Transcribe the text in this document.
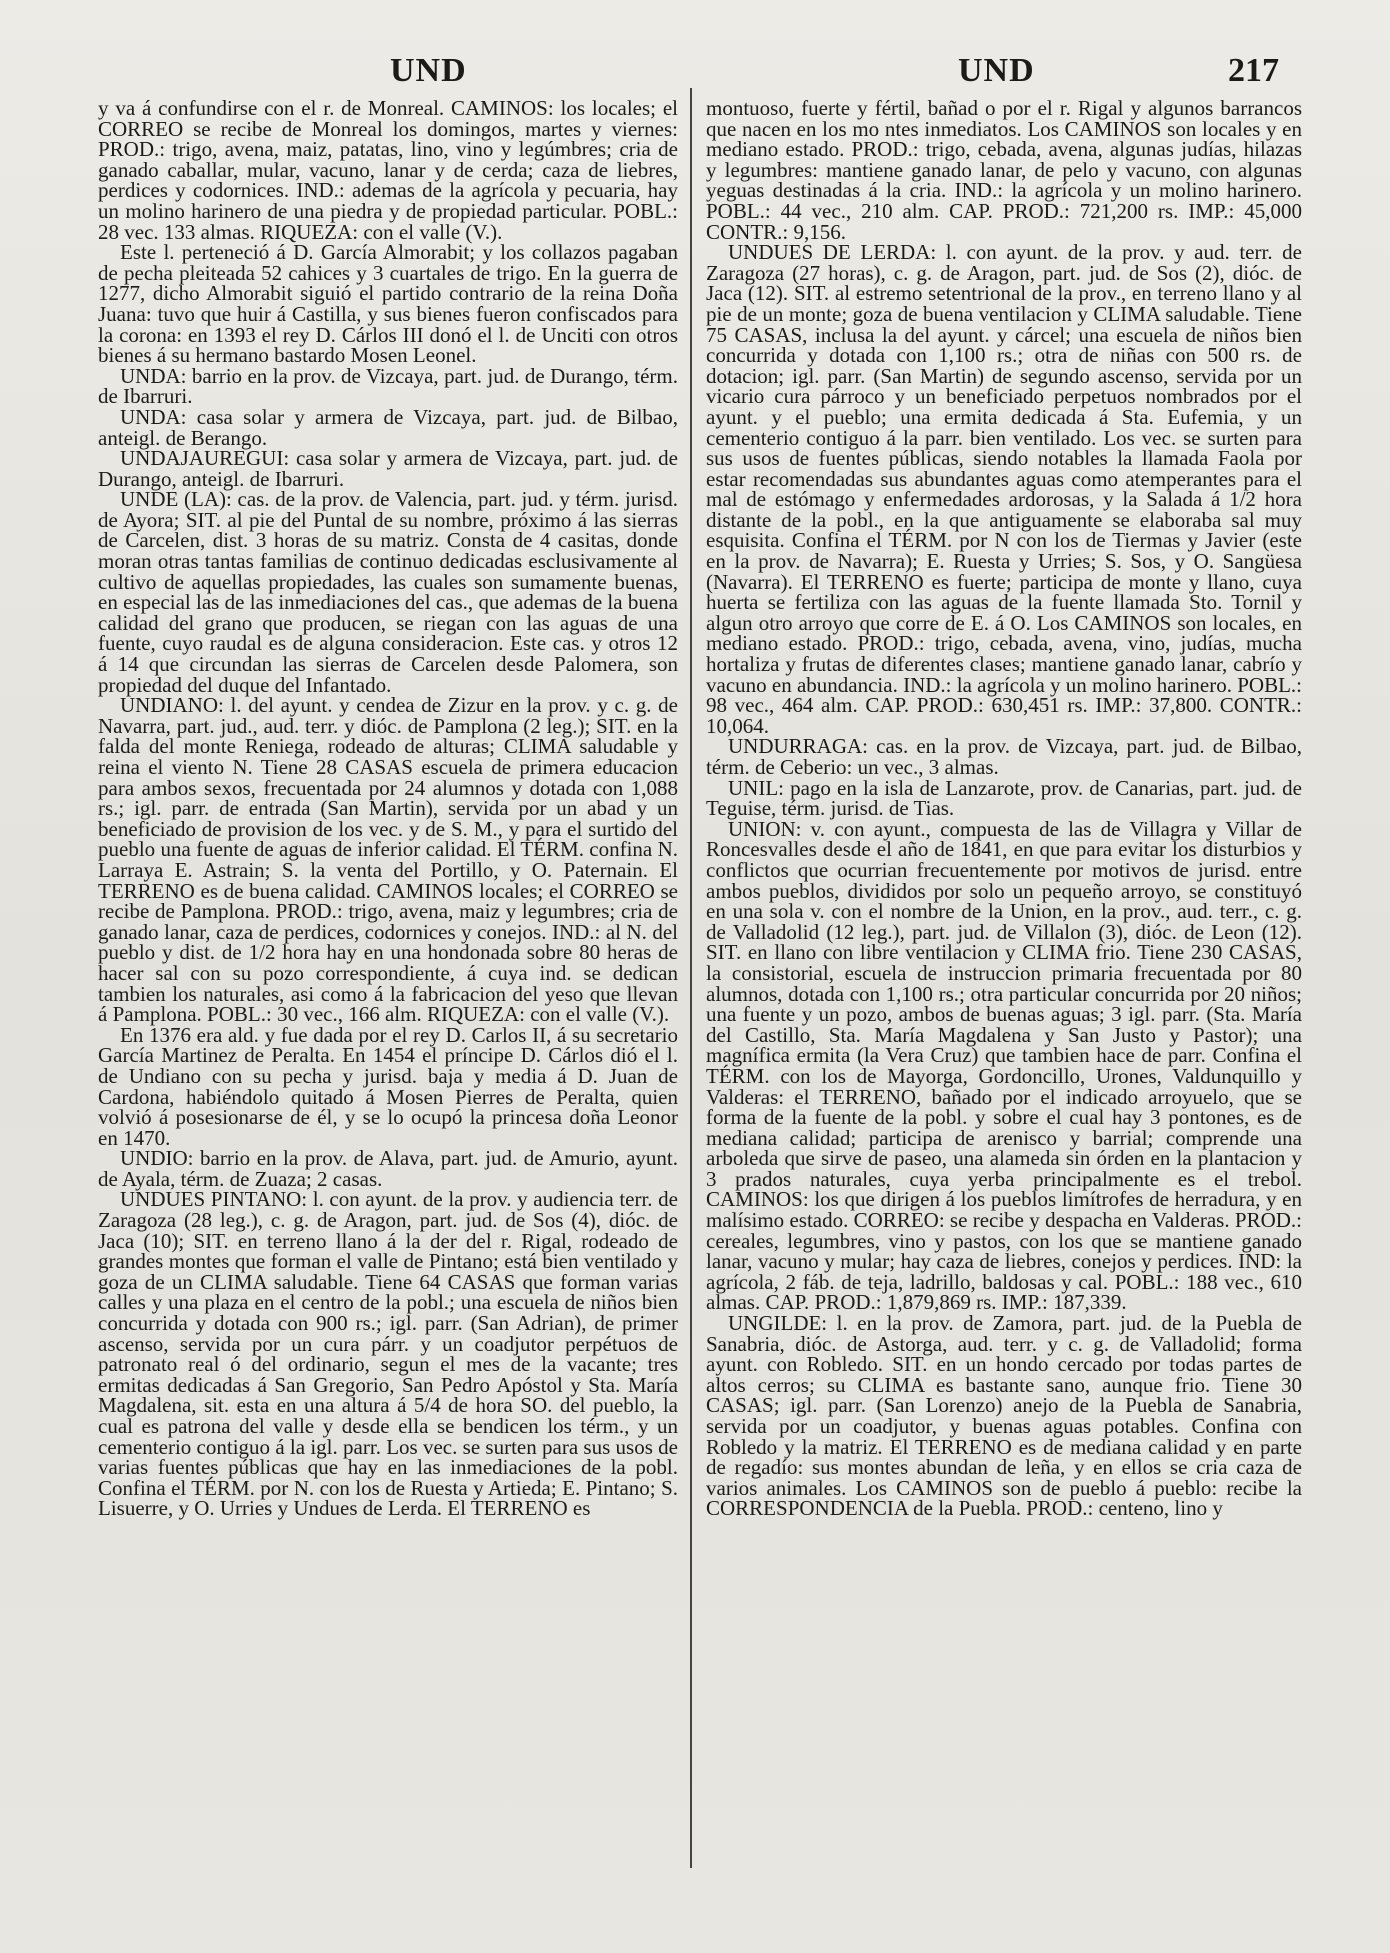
UND	UND	217

y va á confundirse con el r. de Monreal. CAMINOS: los locales; el CORREO se recibe de Monreal los domingos, martes y viernes: PROD.: trigo, avena, maiz, patatas, lino, vino y legúmbres; cria de ganado caballar, mular, vacuno, lanar y de cerda; caza de liebres, perdices y codornices. IND.: ademas de la agrícola y pecuaria, hay un molino harinero de una piedra y de propiedad particular. POBL.: 28 vec. 133 almas. RIQUEZA: con el valle (V.).

Este l. perteneció á D. García Almorabit; y los collazos pagaban de pecha pleiteada 52 cahices y 3 cuartales de trigo. En la guerra de 1277, dicho Almorabit siguió el partido contrario de la reina Doña Juana: tuvo que huir á Castilla, y sus bienes fueron confiscados para la corona: en 1393 el rey D. Cárlos III donó el l. de Unciti con otros bienes á su hermano bastardo Mosen Leonel.

UNDA: barrio en la prov. de Vizcaya, part. jud. de Durango, térm. de Ibarruri.

UNDA: casa solar y armera de Vizcaya, part. jud. de Bilbao, anteigl. de Berango.

UNDAJAUREGUI: casa solar y armera de Vizcaya, part. jud. de Durango, anteigl. de Ibarruri.

UNDE (LA): cas. de la prov. de Valencia, part. jud. y térm. jurisd. de Ayora; SIT. al pie del Puntal de su nombre, próximo á las sierras de Carcelen, dist. 3 horas de su matriz. Consta de 4 casitas, donde moran otras tantas familias de continuo dedicadas esclusivamente al cultivo de aquellas propiedades, las cuales son sumamente buenas, en especial las de las inmediaciones del cas., que ademas de la buena calidad del grano que producen, se riegan con las aguas de una fuente, cuyo raudal es de alguna consideracion. Este cas. y otros 12 á 14 que circundan las sierras de Carcelen desde Palomera, son propiedad del duque del Infantado.

UNDIANO: l. del ayunt. y cendea de Zizur en la prov. y c. g. de Navarra, part. jud., aud. terr. y dióc. de Pamplona (2 leg.); SIT. en la falda del monte Reniega, rodeado de alturas; CLIMA saludable y reina el viento N. Tiene 28 CASAS escuela de primera educacion para ambos sexos, frecuentada por 24 alumnos y dotada con 1,088 rs.; igl. parr. de entrada (San Martin), servida por un abad y un beneficiado de provision de los vec. y de S. M., y para el surtido del pueblo una fuente de aguas de inferior calidad. El TÉRM. confina N. Larraya E. Astrain; S. la venta del Portillo, y O. Paternain. El TERRENO es de buena calidad. CAMINOS locales; el CORREO se recibe de Pamplona. PROD.: trigo, avena, maiz y legumbres; cria de ganado lanar, caza de perdices, codornices y conejos. IND.: al N. del pueblo y dist. de 1/2 hora hay en una hondonada sobre 80 heras de hacer sal con su pozo correspondiente, á cuya ind. se dedican tambien los naturales, asi como á la fabricacion del yeso que llevan á Pamplona. POBL.: 30 vec., 166 alm. RIQUEZA: con el valle (V.).

En 1376 era ald. y fue dada por el rey D. Carlos II, á su secretario García Martinez de Peralta. En 1454 el príncipe D. Cárlos dió el l. de Undiano con su pecha y jurisd. baja y media á D. Juan de Cardona, habiéndolo quitado á Mosen Pierres de Peralta, quien volvió á posesionarse de él, y se lo ocupó la princesa doña Leonor en 1470.

UNDIO: barrio en la prov. de Alava, part. jud. de Amurio, ayunt. de Ayala, térm. de Zuaza; 2 casas.

UNDUES PINTANO: l. con ayunt. de la prov. y audiencia terr. de Zaragoza (28 leg.), c. g. de Aragon, part. jud. de Sos (4), dióc. de Jaca (10); SIT. en terreno llano á la der del r. Rigal, rodeado de grandes montes que forman el valle de Pintano; está bien ventilado y goza de un CLIMA saludable. Tiene 64 CASAS que forman varias calles y una plaza en el centro de la pobl.; una escuela de niños bien concurrida y dotada con 900 rs.; igl. parr. (San Adrian), de primer ascenso, servida por un cura párr. y un coadjutor perpétuos de patronato real ó del ordinario, segun el mes de la vacante; tres ermitas dedicadas á San Gregorio, San Pedro Apóstol y Sta. María Magdalena, sit. esta en una altura á 5/4 de hora SO. del pueblo, la cual es patrona del valle y desde ella se bendicen los térm., y un cementerio contiguo á la igl. parr. Los vec. se surten para sus usos de varias fuentes públicas que hay en las inmediaciones de la pobl. Confina el TÉRM. por N. con los de Ruesta y Artieda; E. Pintano; S. Lisuerre, y O. Urries y Undues de Lerda. El TERRENO es

montuoso, fuerte y fértil, bañad o por el r. Rigal y algunos barrancos que nacen en los mo ntes inmediatos. Los CAMINOS son locales y en mediano estado. PROD.: trigo, cebada, avena, algunas judías, hilazas y legumbres: mantiene ganado lanar, de pelo y vacuno, con algunas yeguas destinadas á la cria. IND.: la agrícola y un molino harinero. POBL.: 44 vec., 210 alm. CAP. PROD.: 721,200 rs. IMP.: 45,000 CONTR.: 9,156.

UNDUES DE LERDA: l. con ayunt. de la prov. y aud. terr. de Zaragoza (27 horas), c. g. de Aragon, part. jud. de Sos (2), dióc. de Jaca (12). SIT. al estremo setentrional de la prov., en terreno llano y al pie de un monte; goza de buena ventilacion y CLIMA saludable. Tiene 75 CASAS, inclusa la del ayunt. y cárcel; una escuela de niños bien concurrida y dotada con 1,100 rs.; otra de niñas con 500 rs. de dotacion; igl. parr. (San Martin) de segundo ascenso, servida por un vicario cura párroco y un beneficiado perpetuos nombrados por el ayunt. y el pueblo; una ermita dedicada á Sta. Eufemia, y un cementerio contiguo á la parr. bien ventilado. Los vec. se surten para sus usos de fuentes públicas, siendo notables la llamada Faola por estar recomendadas sus abundantes aguas como atemperantes para el mal de estómago y enfermedades ardorosas, y la Salada á 1/2 hora distante de la pobl., en la que antiguamente se elaboraba sal muy esquisita. Confina el TÉRM. por N con los de Tiermas y Javier (este en la prov. de Navarra); E. Ruesta y Urries; S. Sos, y O. Sangüesa (Navarra). El TERRENO es fuerte; participa de monte y llano, cuya huerta se fertiliza con las aguas de la fuente llamada Sto. Tornil y algun otro arroyo que corre de E. á O. Los CAMINOS son locales, en mediano estado. PROD.: trigo, cebada, avena, vino, judías, mucha hortaliza y frutas de diferentes clases; mantiene ganado lanar, cabrío y vacuno en abundancia. IND.: la agrícola y un molino harinero. POBL.: 98 vec., 464 alm. CAP. PROD.: 630,451 rs. IMP.: 37,800. CONTR.: 10,064.

UNDURRAGA: cas. en la prov. de Vizcaya, part. jud. de Bilbao, térm. de Ceberio: un vec., 3 almas.

UNIL: pago en la isla de Lanzarote, prov. de Canarias, part. jud. de Teguise, térm. jurisd. de Tias.

UNION: v. con ayunt., compuesta de las de Villagra y Villar de Roncesvalles desde el año de 1841, en que para evitar los disturbios y conflictos que ocurrian frecuentemente por motivos de jurisd. entre ambos pueblos, divididos por solo un pequeño arroyo, se constituyó en una sola v. con el nombre de la Union, en la prov., aud. terr., c. g. de Valladolid (12 leg.), part. jud. de Villalon (3), dióc. de Leon (12). SIT. en llano con libre ventilacion y CLIMA frio. Tiene 230 CASAS, la consistorial, escuela de instruccion primaria frecuentada por 80 alumnos, dotada con 1,100 rs.; otra particular concurrida por 20 niños; una fuente y un pozo, ambos de buenas aguas; 3 igl. parr. (Sta. María del Castillo, Sta. María Magdalena y San Justo y Pastor); una magnífica ermita (la Vera Cruz) que tambien hace de parr. Confina el TÉRM. con los de Mayorga, Gordoncillo, Urones, Valdunquillo y Valderas: el TERRENO, bañado por el indicado arroyuelo, que se forma de la fuente de la pobl. y sobre el cual hay 3 pontones, es de mediana calidad; participa de arenisco y barrial; comprende una arboleda que sirve de paseo, una alameda sin órden en la plantacion y 3 prados naturales, cuya yerba principalmente es el trebol. CAMINOS: los que dirigen á los pueblos limítrofes de herradura, y en malísimo estado. CORREO: se recibe y despacha en Valderas. PROD.: cereales, legumbres, vino y pastos, con los que se mantiene ganado lanar, vacuno y mular; hay caza de liebres, conejos y perdices. IND: la agrícola, 2 fáb. de teja, ladrillo, baldosas y cal. POBL.: 188 vec., 610 almas. CAP. PROD.: 1,879,869 rs. IMP.: 187,339.

UNGILDE: l. en la prov. de Zamora, part. jud. de la Puebla de Sanabria, dióc. de Astorga, aud. terr. y c. g. de Valladolid; forma ayunt. con Robledo. SIT. en un hondo cercado por todas partes de altos cerros; su CLIMA es bastante sano, aunque frio. Tiene 30 CASAS; igl. parr. (San Lorenzo) anejo de la Puebla de Sanabria, servida por un coadjutor, y buenas aguas potables. Confina con Robledo y la matriz. El TERRENO es de mediana calidad y en parte de regadío: sus montes abundan de leña, y en ellos se cria caza de varios animales. Los CAMINOS son de pueblo á pueblo: recibe la CORRESPONDENCIA de la Puebla. PROD.: centeno, lino y
